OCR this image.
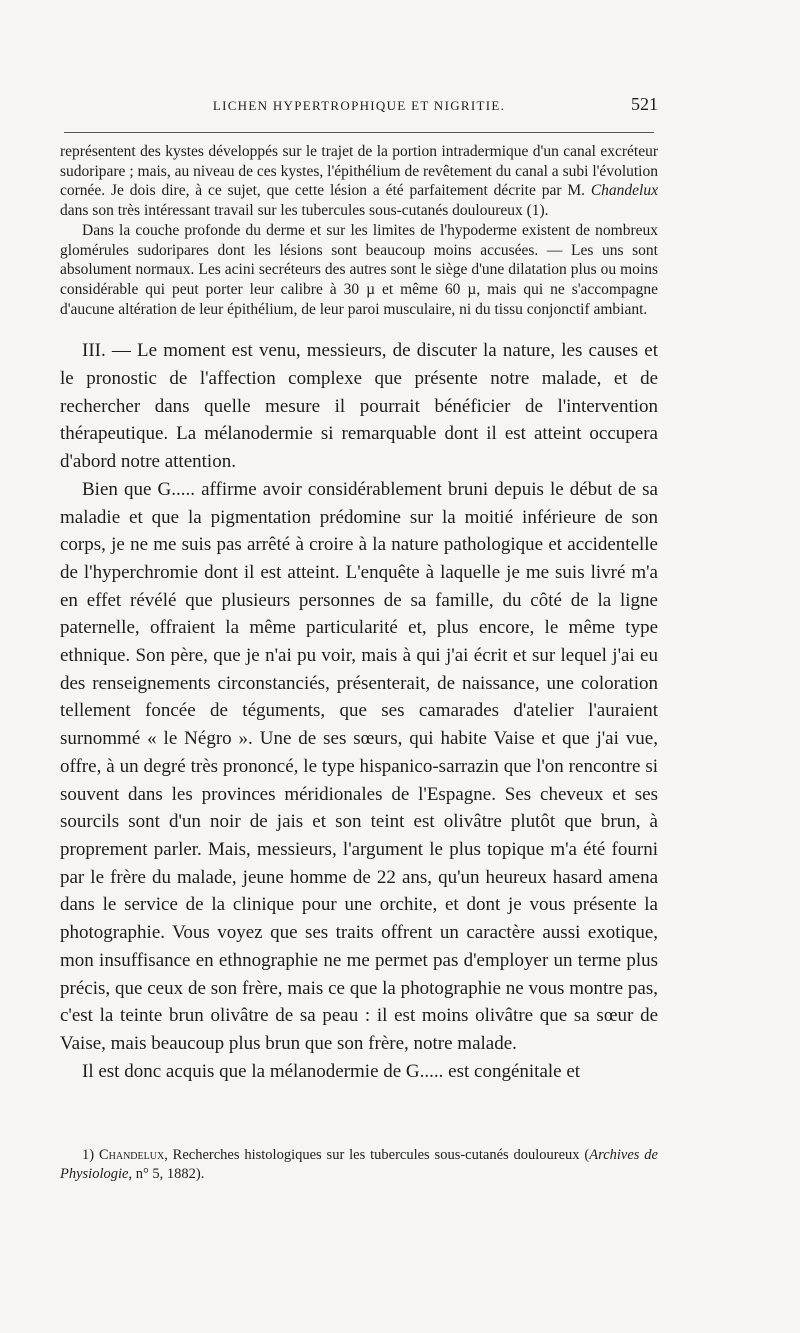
LICHEN HYPERTROPHIQUE ET NIGRITIE.	521

représentent des kystes développés sur le trajet de la portion intradermique d'un canal excréteur sudoripare ; mais, au niveau de ces kystes, l'épithélium de revêtement du canal a subi l'évolution cornée. Je dois dire, à ce sujet, que cette lésion a été parfaitement décrite par M. Chandelux dans son très intéressant travail sur les tubercules sous-cutanés douloureux (1).

Dans la couche profonde du derme et sur les limites de l'hypoderme existent de nombreux glomérules sudoripares dont les lésions sont beaucoup moins accusées. — Les uns sont absolument normaux. Les acini secréteurs des autres sont le siège d'une dilatation plus ou moins considérable qui peut porter leur calibre à 30 µ et même 60 µ, mais qui ne s'accompagne d'aucune altération de leur épithélium, de leur paroi musculaire, ni du tissu conjonctif ambiant.

III. — Le moment est venu, messieurs, de discuter la nature, les causes et le pronostic de l'affection complexe que présente notre malade, et de rechercher dans quelle mesure il pourrait bénéficier de l'intervention thérapeutique. La mélanodermie si remarquable dont il est atteint occupera d'abord notre attention.

Bien que G..... affirme avoir considérablement bruni depuis le début de sa maladie et que la pigmentation prédomine sur la moitié inférieure de son corps, je ne me suis pas arrêté à croire à la nature pathologique et accidentelle de l'hyperchromie dont il est atteint. L'enquête à laquelle je me suis livré m'a en effet révélé que plusieurs personnes de sa famille, du côté de la ligne paternelle, offraient la même particularité et, plus encore, le même type ethnique. Son père, que je n'ai pu voir, mais à qui j'ai écrit et sur lequel j'ai eu des renseignements circonstanciés, présenterait, de naissance, une coloration tellement foncée de téguments, que ses camarades d'atelier l'auraient surnommé « le Négro ». Une de ses sœurs, qui habite Vaise et que j'ai vue, offre, à un degré très prononcé, le type hispanico-sarrazin que l'on rencontre si souvent dans les provinces méridionales de l'Espagne. Ses cheveux et ses sourcils sont d'un noir de jais et son teint est olivâtre plutôt que brun, à proprement parler. Mais, messieurs, l'argument le plus topique m'a été fourni par le frère du malade, jeune homme de 22 ans, qu'un heureux hasard amena dans le service de la clinique pour une orchite, et dont je vous présente la photographie. Vous voyez que ses traits offrent un caractère aussi exotique, mon insuffisance en ethnographie ne me permet pas d'employer un terme plus précis, que ceux de son frère, mais ce que la photographie ne vous montre pas, c'est la teinte brun olivâtre de sa peau : il est moins olivâtre que sa sœur de Vaise, mais beaucoup plus brun que son frère, notre malade.

Il est donc acquis que la mélanodermie de G..... est congénitale et

1) Chandelux, Recherches histologiques sur les tubercules sous-cutanés douloureux (Archives de Physiologie, n° 5, 1882).
